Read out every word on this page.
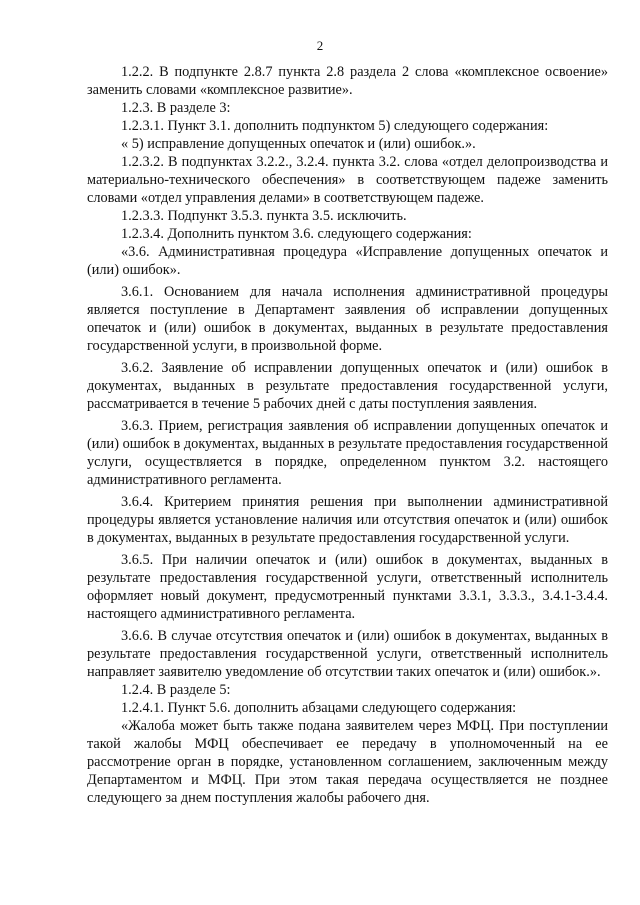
2

1.2.2. В подпункте 2.8.7 пункта 2.8 раздела 2 слова «комплексное освоение» заменить словами «комплексное развитие».

1.2.3. В разделе 3:

1.2.3.1. Пункт 3.1. дополнить подпунктом 5) следующего содержания:

« 5) исправление допущенных опечаток и (или) ошибок.».

1.2.3.2. В подпунктах 3.2.2., 3.2.4. пункта 3.2. слова «отдел делопроизводства и материально-технического обеспечения» в соответствующем падеже заменить словами «отдел управления делами» в соответствующем падеже.

1.2.3.3. Подпункт 3.5.3. пункта 3.5. исключить.

1.2.3.4. Дополнить пунктом 3.6. следующего содержания:

«3.6. Административная процедура «Исправление допущенных опечаток и (или) ошибок».

3.6.1. Основанием для начала исполнения административной процедуры является поступление в Департамент заявления об исправлении допущенных опечаток и (или) ошибок в документах, выданных в результате предоставления государственной услуги, в произвольной форме.

3.6.2. Заявление об исправлении допущенных опечаток и (или) ошибок в документах, выданных в результате предоставления государственной услуги, рассматривается в течение 5 рабочих дней с даты поступления заявления.

3.6.3. Прием, регистрация заявления об исправлении допущенных опечаток и (или) ошибок в документах, выданных в результате предоставления государственной услуги, осуществляется в порядке, определенном пунктом 3.2. настоящего административного регламента.

3.6.4. Критерием принятия решения при выполнении административной процедуры является установление наличия или отсутствия опечаток и (или) ошибок в документах, выданных в результате предоставления государственной услуги.

3.6.5. При наличии опечаток и (или) ошибок в документах, выданных в результате предоставления государственной услуги, ответственный исполнитель оформляет новый документ, предусмотренный пунктами 3.3.1, 3.3.3., 3.4.1-3.4.4. настоящего административного регламента.

3.6.6. В случае отсутствия опечаток и (или) ошибок в документах, выданных в результате предоставления государственной услуги, ответственный исполнитель направляет заявителю уведомление об отсутствии таких опечаток и (или) ошибок.».

1.2.4. В разделе 5:

1.2.4.1. Пункт 5.6. дополнить абзацами следующего содержания:

«Жалоба может быть также подана заявителем через МФЦ. При поступлении такой жалобы МФЦ обеспечивает ее передачу в уполномоченный на ее рассмотрение орган в порядке, установленном соглашением, заключенным между Департаментом и МФЦ. При этом такая передача осуществляется не позднее следующего за днем поступления жалобы рабочего дня.
